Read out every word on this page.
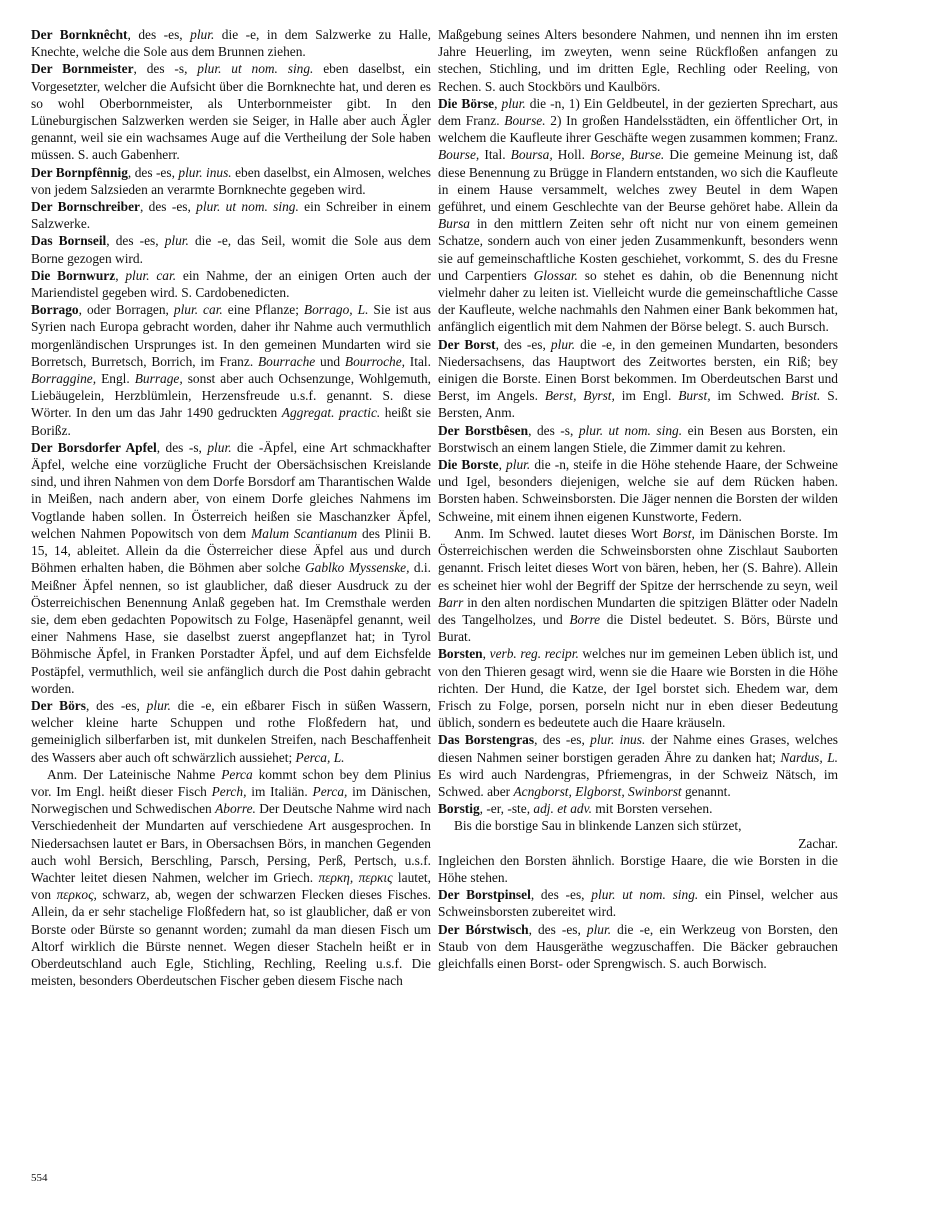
Der Bornknêcht, des -es, plur. die -e, in dem Salzwerke zu Halle, Knechte, welche die Sole aus dem Brunnen ziehen.

Der Bornmeister, des -s, plur. ut nom. sing. eben daselbst, ein Vorgesetzter, welcher die Aufsicht über die Bornknechte hat, und deren es so wohl Oberbornmeister, als Unterbornmeister gibt. In den Lüneburgischen Salzwerken werden sie Seiger, in Halle aber auch Ägler genannt, weil sie ein wachsames Auge auf die Vertheilung der Sole haben müssen. S. auch Gabenherr.

Der Bornpfênnig, des -es, plur. inus. eben daselbst, ein Almosen, welches von jedem Salzsieden an verarmte Bornknechte gegeben wird.

Der Bornschreiber, des -es, plur. ut nom. sing. ein Schreiber in einem Salzwerke.

Das Bornseil, des -es, plur. die -e, das Seil, womit die Sole aus dem Borne gezogen wird.

Die Bornwurz, plur. car. ein Nahme, der an einigen Orten auch der Mariendistel gegeben wird. S. Cardobenedicten.

Borrago, oder Borragen, plur. car. eine Pflanze; Borrago, L. Sie ist aus Syrien nach Europa gebracht worden, daher ihr Nahme auch vermuthlich morgenländischen Ursprunges ist. In den gemeinen Mundarten wird sie Borretsch, Burretsch, Borrich, im Franz. Bourrache und Bourroche, Ital. Borraggine, Engl. Burrage, sonst aber auch Ochsenzunge, Wohlgemuth, Liebäugelein, Herzblümlein, Herzensfreude u.s.f. genannt. S. diese Wörter. In den um das Jahr 1490 gedruckten Aggregat. practic. heißt sie Borißz.

Der Borsdorfer Apfel, des -s, plur. die -Äpfel, eine Art schmackhafter Äpfel, welche eine vorzügliche Frucht der Obersächsischen Kreislande sind, und ihren Nahmen von dem Dorfe Borsdorf am Tharantischen Walde in Meißen, nach andern aber, von einem Dorfe gleiches Nahmens im Vogtlande haben sollen. In Österreich heißen sie Maschanzker Äpfel, welchen Nahmen Popowitsch von dem Malum Scantianum des Plinii B. 15, 14, ableitet. Allein da die Österreicher diese Äpfel aus und durch Böhmen erhalten haben, die Böhmen aber solche Gablko Myssenske, d.i. Meißner Äpfel nennen, so ist glaublicher, daß dieser Ausdruck zu der Österreichischen Benennung Anlaß gegeben hat. Im Cremsthale werden sie, dem eben gedachten Popowitsch zu Folge, Hasenäpfel genannt, weil einer Nahmens Hase, sie daselbst zuerst angepflanzet hat; in Tyrol Böhmische Äpfel, in Franken Porstadter Äpfel, und auf dem Eichsfelde Postäpfel, vermuthlich, weil sie anfänglich durch die Post dahin gebracht worden.

Der Börs, des -es, plur. die -e, ein eßbarer Fisch in süßen Wassern, welcher kleine harte Schuppen und rothe Floßfedern hat, und gemeiniglich silberfarben ist, mit dunkelen Streifen, nach Beschaffenheit des Wassers aber auch oft schwärzlich aussiehet; Perca, L.

Anm. Der Lateinische Nahme Perca kommt schon bey dem Plinius vor. Im Engl. heißt dieser Fisch Perch, im Italiän. Perca, im Dänischen, Norwegischen und Schwedischen Aborre. Der Deutsche Nahme wird nach Verschiedenheit der Mundarten auf verschiedene Art ausgesprochen. In Niedersachsen lautet er Bars, in Obersachsen Börs, in manchen Gegenden auch wohl Bersich, Berschling, Parsch, Persing, Perß, Pertsch, u.s.f. Wachter leitet diesen Nahmen, welcher im Griech. περκη, περκις lautet, von περκος, schwarz, ab, wegen der schwarzen Flecken dieses Fisches. Allein, da er sehr stachelige Floßfedern hat, so ist glaublicher, daß er von Borste oder Bürste so genannt worden; zumahl da man diesen Fisch um Altorf wirklich die Bürste nennet. Wegen dieser Stacheln heißt er in Oberdeutschland auch Egle, Stichling, Rechling, Reeling u.s.f. Die meisten, besonders Oberdeutschen Fischer geben diesem Fische nach

Maßgebung seines Alters besondere Nahmen, und nennen ihn im ersten Jahre Heuerling, im zweyten, wenn seine Rückfloßen anfangen zu stechen, Stichling, und im dritten Egle, Rechling oder Reeling, von Rechen. S. auch Stockbörs und Kaulbörs.

Die Börse, plur. die -n, 1) Ein Geldbeutel, in der gezierten Sprechart, aus dem Franz. Bourse. 2) In großen Handelsstädten, ein öffentlicher Ort, in welchem die Kaufleute ihrer Geschäfte wegen zusammen kommen; Franz. Bourse, Ital. Boursa, Holl. Borse, Burse. Die gemeine Meinung ist, daß diese Benennung zu Brügge in Flandern entstanden, wo sich die Kaufleute in einem Hause versammelt, welches zwey Beutel in dem Wapen geführet, und einem Geschlechte van der Beurse gehöret habe. Allein da Bursa in den mittlern Zeiten sehr oft nicht nur von einem gemeinen Schatze, sondern auch von einer jeden Zusammenkunft, besonders wenn sie auf gemeinschaftliche Kosten geschiehet, vorkommt, S. des du Fresne und Carpentiers Glossar. so stehet es dahin, ob die Benennung nicht vielmehr daher zu leiten ist. Vielleicht wurde die gemeinschaftliche Casse der Kaufleute, welche nachmahls den Nahmen einer Bank bekommen hat, anfänglich eigentlich mit dem Nahmen der Börse belegt. S. auch Bursch.

Der Borst, des -es, plur. die -e, in den gemeinen Mundarten, besonders Niedersachsens, das Hauptwort des Zeitwortes bersten, ein Riß; bey einigen die Borste. Einen Borst bekommen. Im Oberdeutschen Barst und Berst, im Angels. Berst, Byrst, im Engl. Burst, im Schwed. Brist. S. Bersten, Anm.

Der Borstbêsen, des -s, plur. ut nom. sing. ein Besen aus Borsten, ein Borstwisch an einem langen Stiele, die Zimmer damit zu kehren.

Die Borste, plur. die -n, steife in die Höhe stehende Haare, der Schweine und Igel, besonders diejenigen, welche sie auf dem Rücken haben. Borsten haben. Schweinsborsten. Die Jäger nennen die Borsten der wilden Schweine, mit einem ihnen eigenen Kunstworte, Federn.

Anm. Im Schwed. lautet dieses Wort Borst, im Dänischen Borste. Im Österreichischen werden die Schweinsborsten ohne Zischlaut Sauborten genannt. Frisch leitet dieses Wort von bären, heben, her (S. Bahre). Allein es scheinet hier wohl der Begriff der Spitze der herrschende zu seyn, weil Barr in den alten nordischen Mundarten die spitzigen Blätter oder Nadeln des Tangelholzes, und Borre die Distel bedeutet. S. Börs, Bürste und Burat.

Borsten, verb. reg. recipr. welches nur im gemeinen Leben üblich ist, und von den Thieren gesagt wird, wenn sie die Haare wie Borsten in die Höhe richten. Der Hund, die Katze, der Igel borstet sich. Ehedem war, dem Frisch zu Folge, porsen, porseln nicht nur in eben dieser Bedeutung üblich, sondern es bedeutete auch die Haare kräuseln.

Das Borstengras, des -es, plur. inus. der Nahme eines Grases, welches diesen Nahmen seiner borstigen geraden Ähre zu danken hat; Nardus, L. Es wird auch Nardengras, Pfriemengras, in der Schweiz Nätsch, im Schwed. aber Acngborst, Elgborst, Swinborst genannt.

Borstig, -er, -ste, adj. et adv. mit Borsten versehen.

Bis die borstige Sau in blinkende Lanzen sich stürzet,

Zachar.

Ingleichen den Borsten ähnlich. Borstige Haare, die wie Borsten in die Höhe stehen.

Der Borstpinsel, des -es, plur. ut nom. sing. ein Pinsel, welcher aus Schweinsborsten zubereitet wird.

Der Bórstwisch, des -es, plur. die -e, ein Werkzeug von Borsten, den Staub von dem Hausgeräthe wegzuschaffen. Die Bäcker gebrauchen gleichfalls einen Borst- oder Sprengwisch. S. auch Borwisch.

554
